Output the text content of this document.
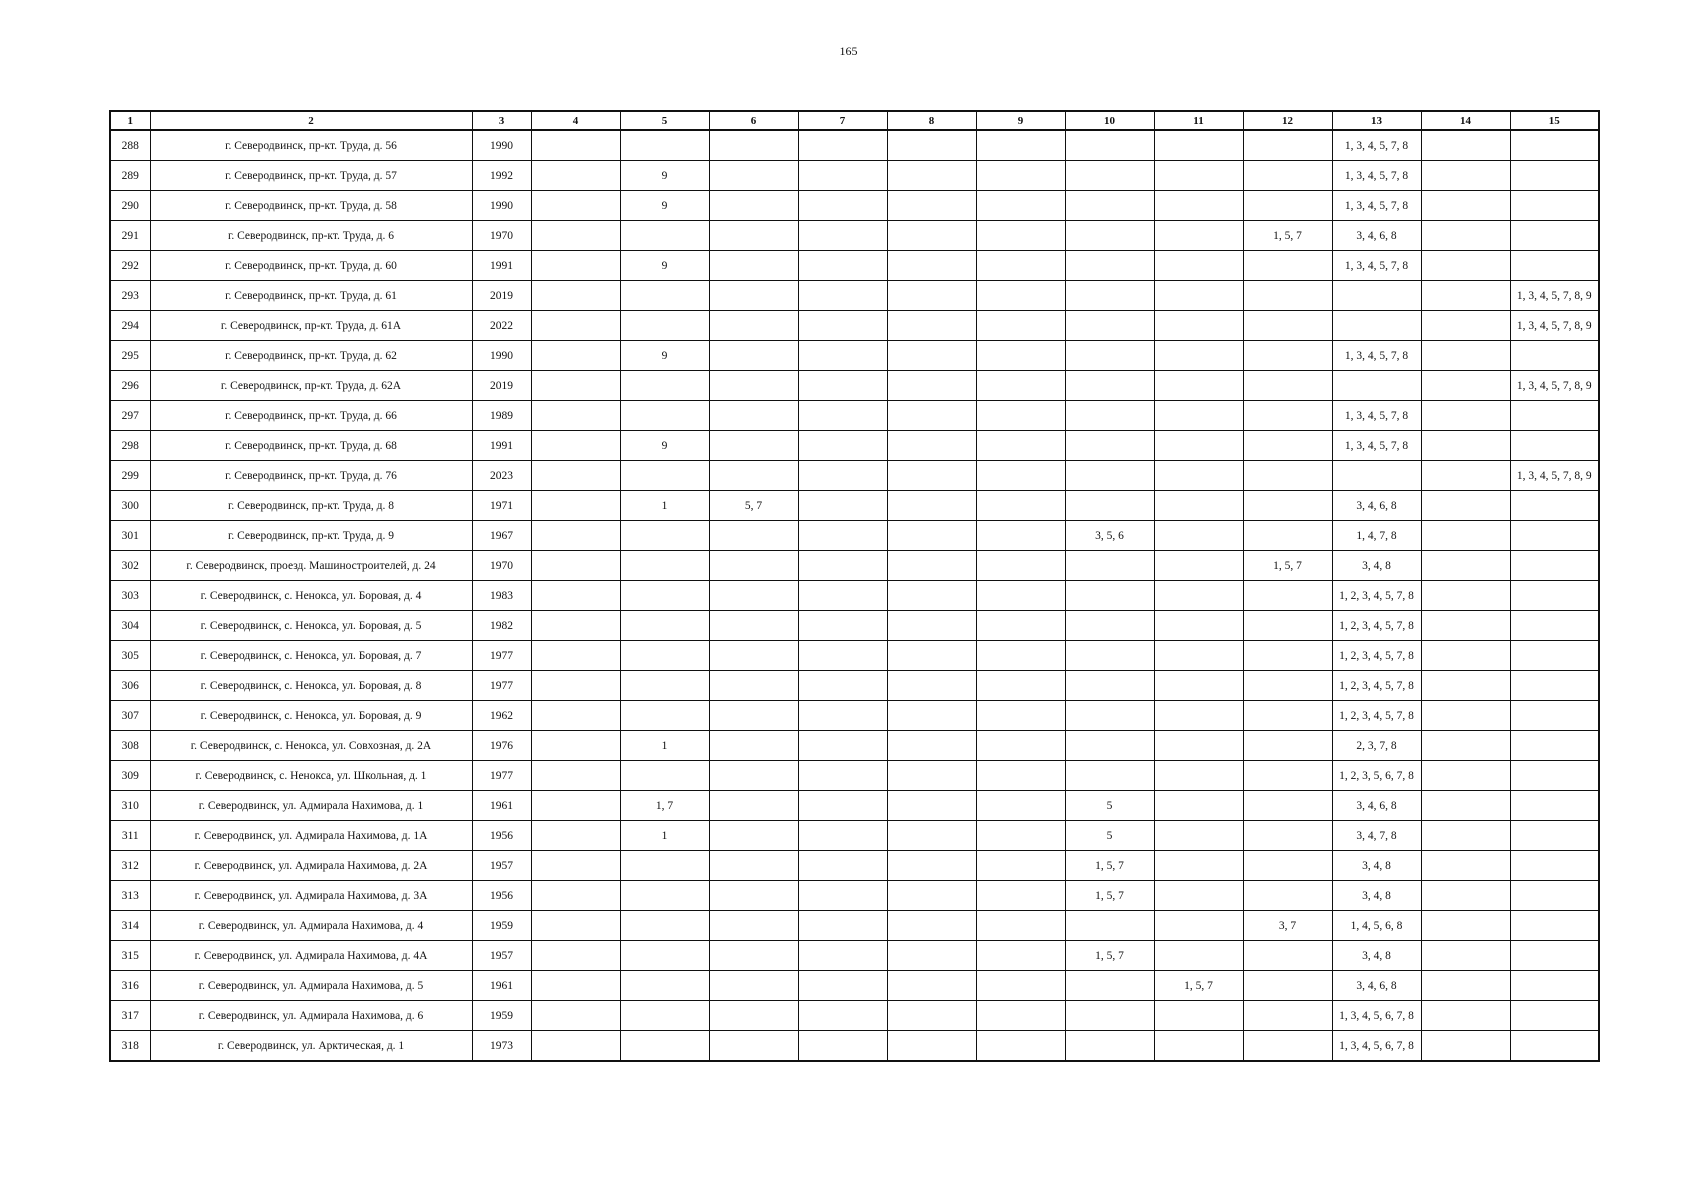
165
1	2	3	4	5	6	7	8	9	10	11	12	13	14	15
288	г. Северодвинск, пр-кт. Труда, д. 56	1990										1, 3, 4, 5, 7, 8		
289	г. Северодвинск, пр-кт. Труда, д. 57	1992		9								1, 3, 4, 5, 7, 8		
290	г. Северодвинск, пр-кт. Труда, д. 58	1990		9								1, 3, 4, 5, 7, 8		
291	г. Северодвинск, пр-кт. Труда, д. 6	1970									1, 5, 7	3, 4, 6, 8		
292	г. Северодвинск, пр-кт. Труда, д. 60	1991		9								1, 3, 4, 5, 7, 8		
293	г. Северодвинск, пр-кт. Труда, д. 61	2019												1, 3, 4, 5, 7, 8, 9
294	г. Северодвинск, пр-кт. Труда, д. 61А	2022												1, 3, 4, 5, 7, 8, 9
295	г. Северодвинск, пр-кт. Труда, д. 62	1990		9								1, 3, 4, 5, 7, 8		
296	г. Северодвинск, пр-кт. Труда, д. 62А	2019												1, 3, 4, 5, 7, 8, 9
297	г. Северодвинск, пр-кт. Труда, д. 66	1989										1, 3, 4, 5, 7, 8		
298	г. Северодвинск, пр-кт. Труда, д. 68	1991		9								1, 3, 4, 5, 7, 8		
299	г. Северодвинск, пр-кт. Труда, д. 76	2023												1, 3, 4, 5, 7, 8, 9
300	г. Северодвинск, пр-кт. Труда, д. 8	1971		1	5, 7							3, 4, 6, 8		
301	г. Северодвинск, пр-кт. Труда, д. 9	1967							3, 5, 6			1, 4, 7, 8		
302	г. Северодвинск, проезд. Машиностроителей, д. 24	1970									1, 5, 7	3, 4, 8		
303	г. Северодвинск, с. Ненокса, ул. Боровая, д. 4	1983										1, 2, 3, 4, 5, 7, 8		
304	г. Северодвинск, с. Ненокса, ул. Боровая, д. 5	1982										1, 2, 3, 4, 5, 7, 8		
305	г. Северодвинск, с. Ненокса, ул. Боровая, д. 7	1977										1, 2, 3, 4, 5, 7, 8		
306	г. Северодвинск, с. Ненокса, ул. Боровая, д. 8	1977										1, 2, 3, 4, 5, 7, 8		
307	г. Северодвинск, с. Ненокса, ул. Боровая, д. 9	1962										1, 2, 3, 4, 5, 7, 8		
308	г. Северодвинск, с. Ненокса, ул. Совхозная, д. 2А	1976		1								2, 3, 7, 8		
309	г. Северодвинск, с. Ненокса, ул. Школьная, д. 1	1977										1, 2, 3, 5, 6, 7, 8		
310	г. Северодвинск, ул. Адмирала Нахимова, д. 1	1961		1, 7					5			3, 4, 6, 8		
311	г. Северодвинск, ул. Адмирала Нахимова, д. 1А	1956		1					5			3, 4, 7, 8		
312	г. Северодвинск, ул. Адмирала Нахимова, д. 2А	1957							1, 5, 7			3, 4, 8		
313	г. Северодвинск, ул. Адмирала Нахимова, д. 3А	1956							1, 5, 7			3, 4, 8		
314	г. Северодвинск, ул. Адмирала Нахимова, д. 4	1959									3, 7	1, 4, 5, 6, 8		
315	г. Северодвинск, ул. Адмирала Нахимова, д. 4А	1957							1, 5, 7			3, 4, 8		
316	г. Северодвинск, ул. Адмирала Нахимова, д. 5	1961								1, 5, 7		3, 4, 6, 8		
317	г. Северодвинск, ул. Адмирала Нахимова, д. 6	1959										1, 3, 4, 5, 6, 7, 8		
318	г. Северодвинск, ул. Арктическая, д. 1	1973										1, 3, 4, 5, 6, 7, 8		
